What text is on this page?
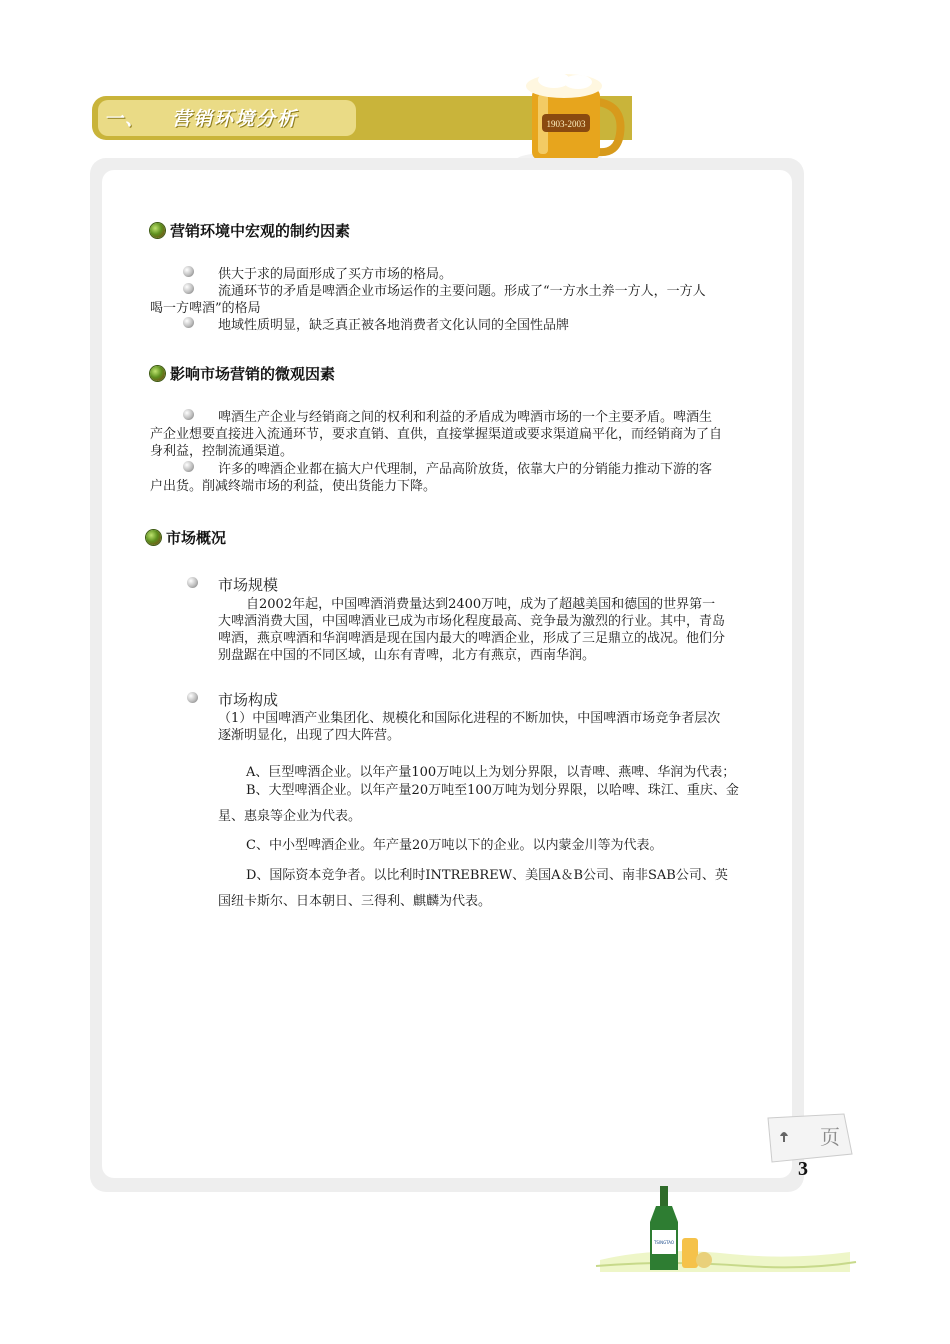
一、 营销环境分析	1903-2003
营销环境中宏观的制约因素
供大于求的局面形成了买方市场的格局。
流通环节的矛盾是啤酒企业市场运作的主要问题。形成了“一方水土养一方人，一方人
喝一方啤酒”的格局
地域性质明显，缺乏真正被各地消费者文化认同的全国性品牌
影响市场营销的微观因素
啤酒生产企业与经销商之间的权利和利益的矛盾成为啤酒市场的一个主要矛盾。啤酒生
产企业想要直接进入流通环节，要求直销、直供，直接掌握渠道或要求渠道扁平化，而经销商为了自
身利益，控制流通渠道。
许多的啤酒企业都在搞大户代理制，产品高阶放货，依靠大户的分销能力推动下游的客
户出货。削减终端市场的利益，使出货能力下降。
市场概况
市场规模
自2002年起，中国啤酒消费量达到2400万吨，成为了超越美国和德国的世界第一
大啤酒消费大国，中国啤酒业已成为市场化程度最高、竞争最为激烈的行业。其中，青岛
啤酒，燕京啤酒和华润啤酒是现在国内最大的啤酒企业，形成了三足鼎立的战况。他们分
别盘踞在中国的不同区域，山东有青啤，北方有燕京，西南华润。
市场构成
（1）中国啤酒产业集团化、规模化和国际化进程的不断加快，中国啤酒市场竞争者层次
逐渐明显化，出现了四大阵营。
A、巨型啤酒企业。以年产量100万吨以上为划分界限，以青啤、燕啤、华润为代表；
B、大型啤酒企业。以年产量20万吨至100万吨为划分界限，以哈啤、珠江、重庆、金
星、惠泉等企业为代表。
C、中小型啤酒企业。年产量20万吨以下的企业。以内蒙金川等为代表。
D、国际资本竞争者。以比利时INTREBREW、美国A＆B公司、南非SAB公司、英
国纽卡斯尔、日本朝日、三得利、麒麟为代表。
页
3
TSINGTAO
